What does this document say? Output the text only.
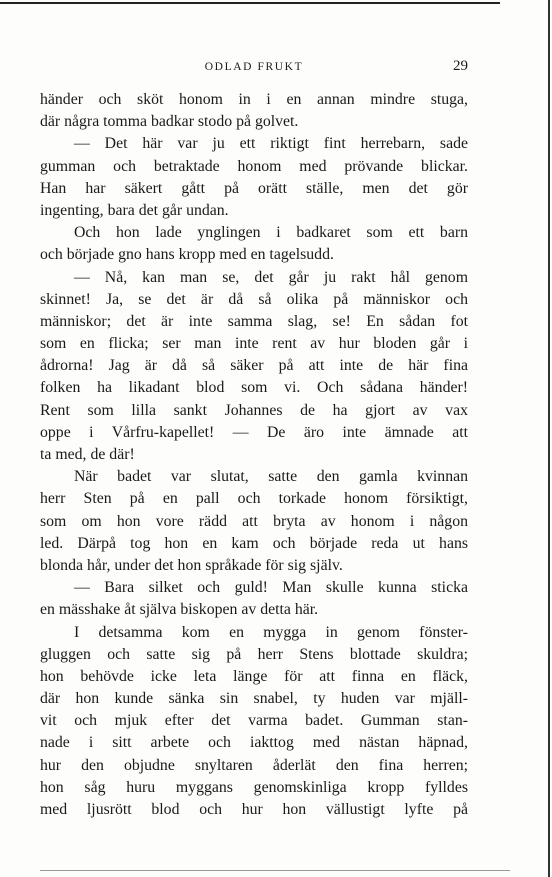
ODLAD FRUKT	29
händer och sköt honom in i en annan mindre stuga,
där några tomma badkar stodo på golvet.
— Det här var ju ett riktigt fint herrebarn, sade
gumman och betraktade honom med prövande blickar.
Han har säkert gått på orätt ställe, men det gör
ingenting, bara det går undan.
Och hon lade ynglingen i badkaret som ett barn
och började gno hans kropp med en tagelsudd.
— Nå, kan man se, det går ju rakt hål genom
skinnet! Ja, se det är då så olika på människor och
människor; det är inte samma slag, se! En sådan fot
som en flicka; ser man inte rent av hur bloden går i
ådrorna! Jag är då så säker på att inte de här fina
folken ha likadant blod som vi. Och sådana händer!
Rent som lilla sankt Johannes de ha gjort av vax
oppe i Vårfru-kapellet! — De äro inte ämnade att
ta med, de där!
När badet var slutat, satte den gamla kvinnan
herr Sten på en pall och torkade honom försiktigt,
som om hon vore rädd att bryta av honom i någon
led. Därpå tog hon en kam och började reda ut hans
blonda hår, under det hon språkade för sig själv.
— Bara silket och guld! Man skulle kunna sticka
en mässhake åt själva biskopen av detta här.
I detsamma kom en mygga in genom fönster-
gluggen och satte sig på herr Stens blottade skuldra;
hon behövde icke leta länge för att finna en fläck,
där hon kunde sänka sin snabel, ty huden var mjäll-
vit och mjuk efter det varma badet. Gumman stan-
nade i sitt arbete och iakttog med nästan häpnad,
hur den objudne snyltaren åderlät den fina herren;
hon såg huru myggans genomskinliga kropp fylldes
med ljusrött blod och hur hon vällustigt lyfte på
